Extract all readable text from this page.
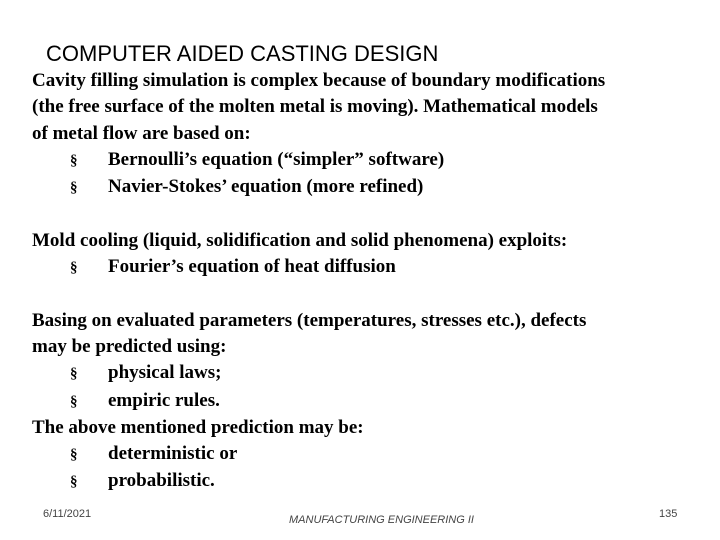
COMPUTER AIDED CASTING DESIGN
Cavity filling simulation is complex because of boundary modifications
(the free surface of the molten metal is moving). Mathematical models
of metal flow are based on:
§ Bernoulli’s equation (“simpler” software)
§ Navier-Stokes’ equation (more refined)
Mold cooling (liquid, solidification and solid phenomena) exploits:
§ Fourier’s equation of heat diffusion
Basing on evaluated parameters (temperatures, stresses etc.), defects
may be predicted using:
§ physical laws;
§ empiric rules.
The above mentioned prediction may be:
§ deterministic or
§ probabilistic.
6/11/2021	MANUFACTURING ENGINEERING II	135
